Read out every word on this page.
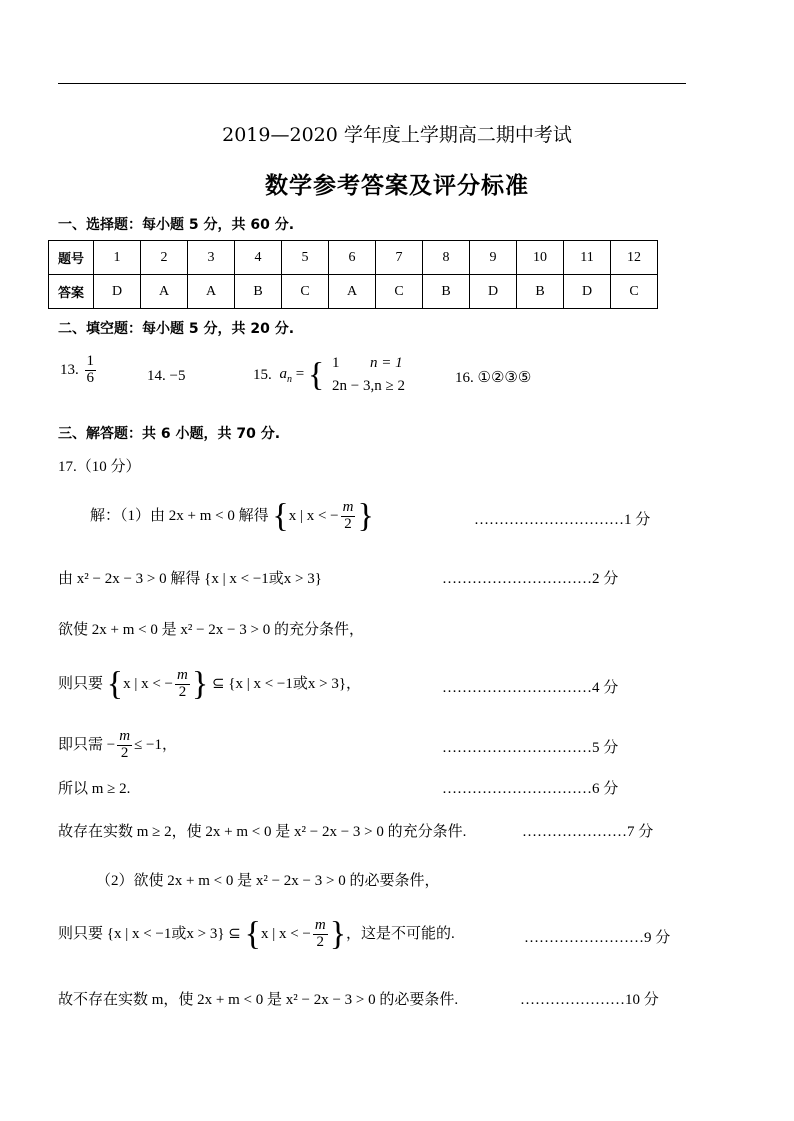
2019—2020 学年度上学期高二期中考试
数学参考答案及评分标准
一、选择题：每小题 5 分，共 60 分.
题号	1	2	3	4	5	6	7	8	9	10	11	12
答案	D	A	A	B	C	A	C	B	D	B	D	C
二、填空题：每小题 5 分，共 20 分.
13. $\frac{1}{6}$	14. −5	15. $a_n$ = { 1 n = 1
2n − 3,n ≥ 2
16. ①②③⑤
三、解答题：共 6 小题，共 70 分.
17.（10 分）
解：（1）由 2x + m < 0 解得 {x | x < − $\frac{m}{2}$ }	…………………………1 分
由 x² − 2x − 3 > 0 解得 {x | x < −1或x > 3}	…………………………2 分
欲使 2x + m < 0 是 x² − 2x − 3 > 0 的充分条件，
则只要 {x | x < − $\frac{m}{2}$ } ⊆ {x | x < −1或x > 3}，	…………………………4 分
即只需 − $\frac{m}{2} \le -1$，	…………………………5 分
所以 m ≥ 2.	…………………………6 分
故存在实数 m ≥ 2，使 2x + m < 0 是 x² − 2x − 3 > 0 的充分条件.	…………………7 分
（2）欲使 2x + m < 0 是 x² − 2x − 3 > 0 的必要条件，
则只要 {x | x < −1或x > 3} ⊆ {x | x < − $\frac{m}{2}$ }，这是不可能的.	……………………9 分
故不存在实数 m，使 2x + m < 0 是 x² − 2x − 3 > 0 的必要条件.	…………………10 分
